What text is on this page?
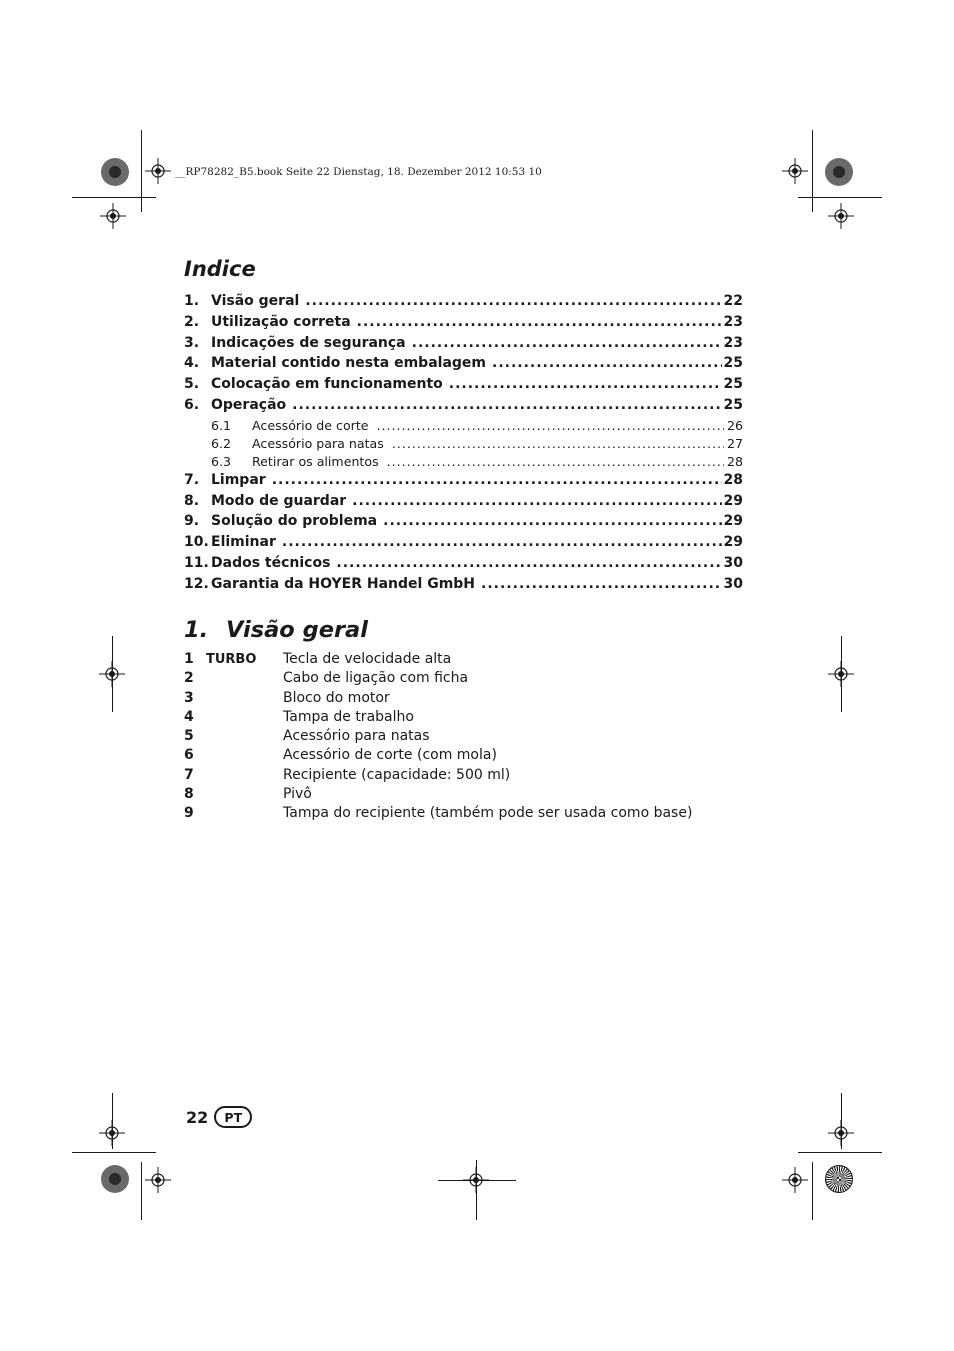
__RP78282_B5.book Seite 22 Dienstag, 18. Dezember 2012 10:53 10
Indice
1. Visão geral .....	22
2. Utilização correta .....	23
3. Indicações de segurança .....	23
4. Material contido nesta embalagem .....	25
5. Colocação em funcionamento .....	25
6. Operação .....	25
6.1	Acessório de corte .....	26
6.2	Acessório para natas .....	27
6.3	Retirar os alimentos .....	28
7. Limpar .....	28
8. Modo de guardar .....	29
9. Solução do problema .....	29
10. Eliminar .....	29
11. Dados técnicos .....	30
12. Garantia da HOYER Handel GmbH .....	30
1. Visão geral
1 TURBO	Tecla de velocidade alta
2	Cabo de ligação com ficha
3	Bloco do motor
4	Tampa de trabalho
5	Acessório para natas
6	Acessório de corte (com mola)
7	Recipiente (capacidade: 500 ml)
8	Pivô
9	Tampa do recipiente (também pode ser usada como base)
22	PT
